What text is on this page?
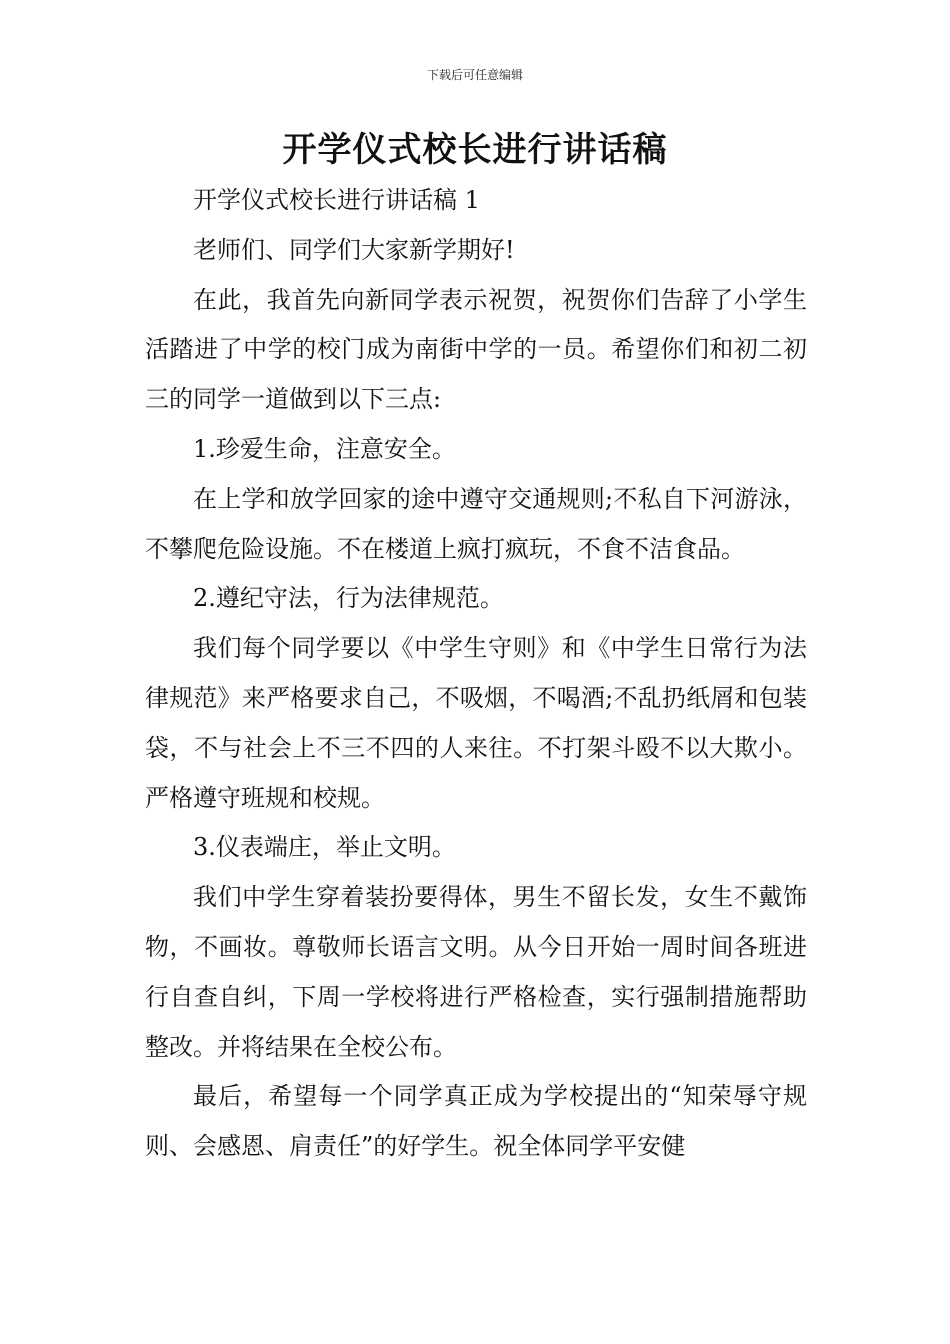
下载后可任意编辑
开学仪式校长进行讲话稿

开学仪式校长进行讲话稿 1

老师们、同学们大家新学期好!

在此，我首先向新同学表示祝贺，祝贺你们告辞了小学生活踏进了中学的校门成为南街中学的一员。希望你们和初二初三的同学一道做到以下三点:

1.珍爱生命，注意安全。

在上学和放学回家的途中遵守交通规则;不私自下河游泳，不攀爬危险设施。不在楼道上疯打疯玩，不食不洁食品。

2.遵纪守法，行为法律规范。

我们每个同学要以《中学生守则》和《中学生日常行为法律规范》来严格要求自己，不吸烟，不喝酒;不乱扔纸屑和包装袋，不与社会上不三不四的人来往。不打架斗殴不以大欺小。严格遵守班规和校规。

3.仪表端庄，举止文明。

我们中学生穿着装扮要得体，男生不留长发，女生不戴饰物，不画妆。尊敬师长语言文明。从今日开始一周时间各班进行自查自纠，下周一学校将进行严格检查，实行强制措施帮助整改。并将结果在全校公布。

最后，希望每一个同学真正成为学校提出的“知荣辱守规则、会感恩、肩责任”的好学生。祝全体同学平安健
